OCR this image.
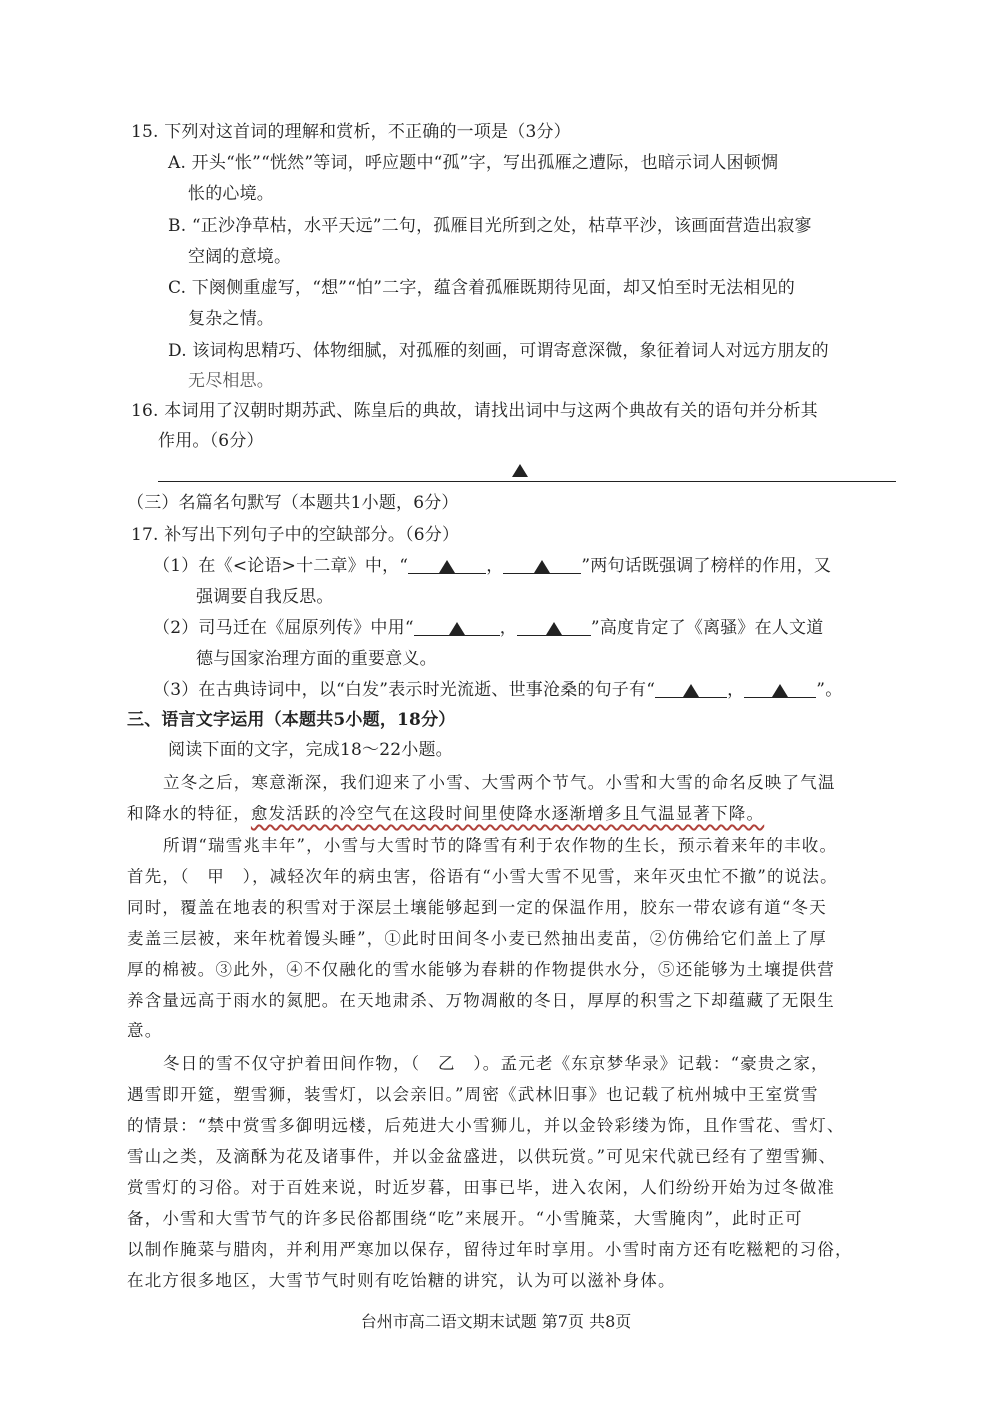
15. 下列对这首词的理解和赏析，不正确的一项是（3分）
A. 开头“怅”“恍然”等词，呼应题中“孤”字，写出孤雁之遭际，也暗示词人困顿惆
怅的心境。
B. “正沙净草枯，水平天远”二句，孤雁目光所到之处，枯草平沙，该画面营造出寂寥
空阔的意境。
C. 下阕侧重虚写，“想”“怕”二字，蕴含着孤雁既期待见面，却又怕至时无法相见的
复杂之情。
D. 该词构思精巧、体物细腻，对孤雁的刻画，可谓寄意深微，象征着词人对远方朋友的
无尽相思。
16. 本词用了汉朝时期苏武、陈皇后的典故，请找出词中与这两个典故有关的语句并分析其
作用。（6分）
（三）名篇名句默写（本题共1小题，6分）
17. 补写出下列句子中的空缺部分。（6分）
（1）在《<论语>十二章》中，“	，	”两句话既强调了榜样的作用，又
强调要自我反思。
（2）司马迁在《屈原列传》中用“	，	”高度肯定了《离骚》在人文道
德与国家治理方面的重要意义。
（3）在古典诗词中，以“白发”表示时光流逝、世事沧桑的句子有“	，	”。
三、语言文字运用（本题共5小题，18分）
阅读下面的文字，完成18～22小题。
立冬之后，寒意渐深，我们迎来了小雪、大雪两个节气。小雪和大雪的命名反映了气温
和降水的特征，愈发活跃的冷空气在这段时间里使降水逐渐增多且气温显著下降。
所谓“瑞雪兆丰年”，小雪与大雪时节的降雪有利于农作物的生长，预示着来年的丰收。
首先，（　甲　），减轻次年的病虫害，俗语有“小雪大雪不见雪，来年灭虫忙不撤”的说法。
同时，覆盖在地表的积雪对于深层土壤能够起到一定的保温作用，胶东一带农谚有道“冬天
麦盖三层被，来年枕着馒头睡”，①此时田间冬小麦已然抽出麦苗，②仿佛给它们盖上了厚
厚的棉被。③此外，④不仅融化的雪水能够为春耕的作物提供水分，⑤还能够为土壤提供营
养含量远高于雨水的氮肥。在天地肃杀、万物凋敝的冬日，厚厚的积雪之下却蕴藏了无限生
意。
冬日的雪不仅守护着田间作物，（　乙　）。孟元老《东京梦华录》记载：“豪贵之家，
遇雪即开筵，塑雪狮，装雪灯，以会亲旧。”周密《武林旧事》也记载了杭州城中王室赏雪
的情景：“禁中赏雪多御明远楼，后苑进大小雪狮儿，并以金铃彩缕为饰，且作雪花、雪灯、
雪山之类，及滴酥为花及诸事件，并以金盆盛进，以供玩赏。”可见宋代就已经有了塑雪狮、
赏雪灯的习俗。对于百姓来说，时近岁暮，田事已毕，进入农闲，人们纷纷开始为过冬做准
备，小雪和大雪节气的许多民俗都围绕“吃”来展开。“小雪腌菜，大雪腌肉”，此时正可
以制作腌菜与腊肉，并利用严寒加以保存，留待过年时享用。小雪时南方还有吃糍粑的习俗，
在北方很多地区，大雪节气时则有吃饴糖的讲究，认为可以滋补身体。
台州市高二语文期末试题 第7页 共8页
